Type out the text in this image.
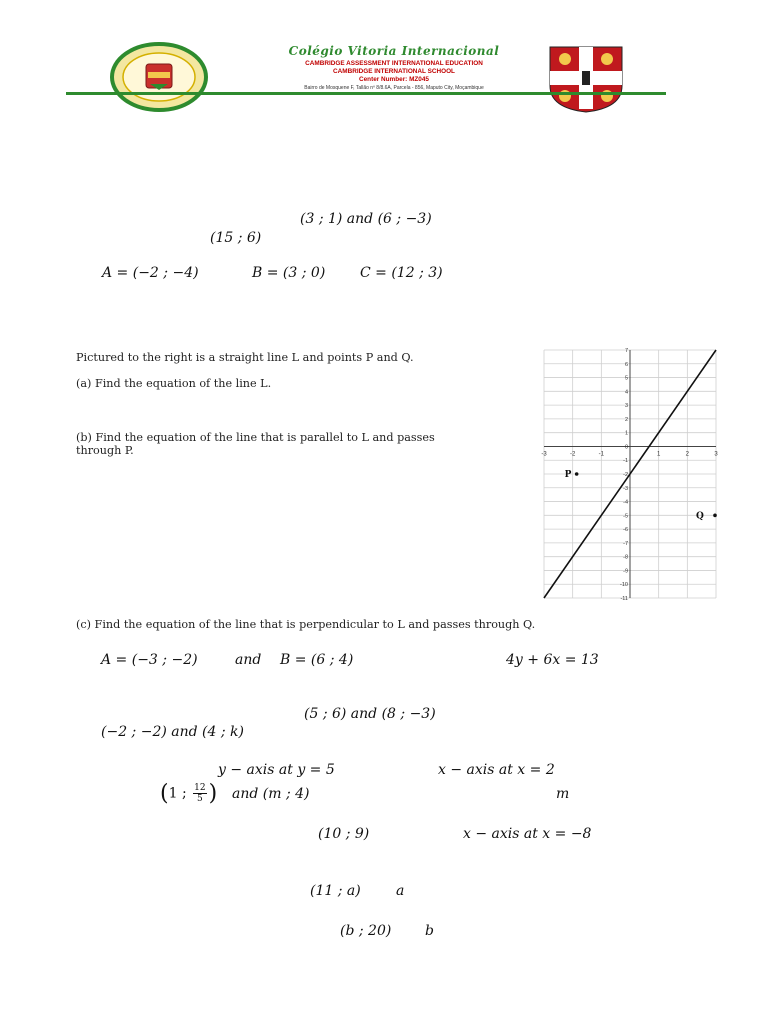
Colégio Vitoria Internacional
CAMBRIDGE ASSESSMENT INTERNATIONAL EDUCATION
CAMBRIDGE INTERNATIONAL SCHOOL
Center Number: MZ045
Bairro de Mosquene F, Tallão nº 8/8.6A, Parcela - 856, Maputo City, Moçambique
(3 ; 1) and (6 ; −3)
(15 ; 6)
A = (−2 ; −4)	B = (3 ; 0) C = (12 ; 3)
Pictured to the right is a straight line L and points P and Q.
(a) Find the equation of the line L.
(b) Find the equation of the line that is parallel to L and passes
through P.
(c) Find the equation of the line that is perpendicular to L and passes through Q.
-3	-2	-1	1	2	3
7
6
5
4
3
2
1
0
-1
-2
-3
-4
-5
-6
-7
-8
-9
-10
-11
P
Q
A = (−3 ; −2)	and B = (6 ; 4)	4y + 6x = 13
(5 ; 6) and (8 ; −3)
(−2 ; −2) and (4 ; k)
y − axis at y = 5	x − axis at x = 2
(1 ; $\frac{12}{5}$ ) and (m ; 4)	m
(10 ; 9)	x − axis at x = −8
(11 ; a)	a
(b ; 20) b
